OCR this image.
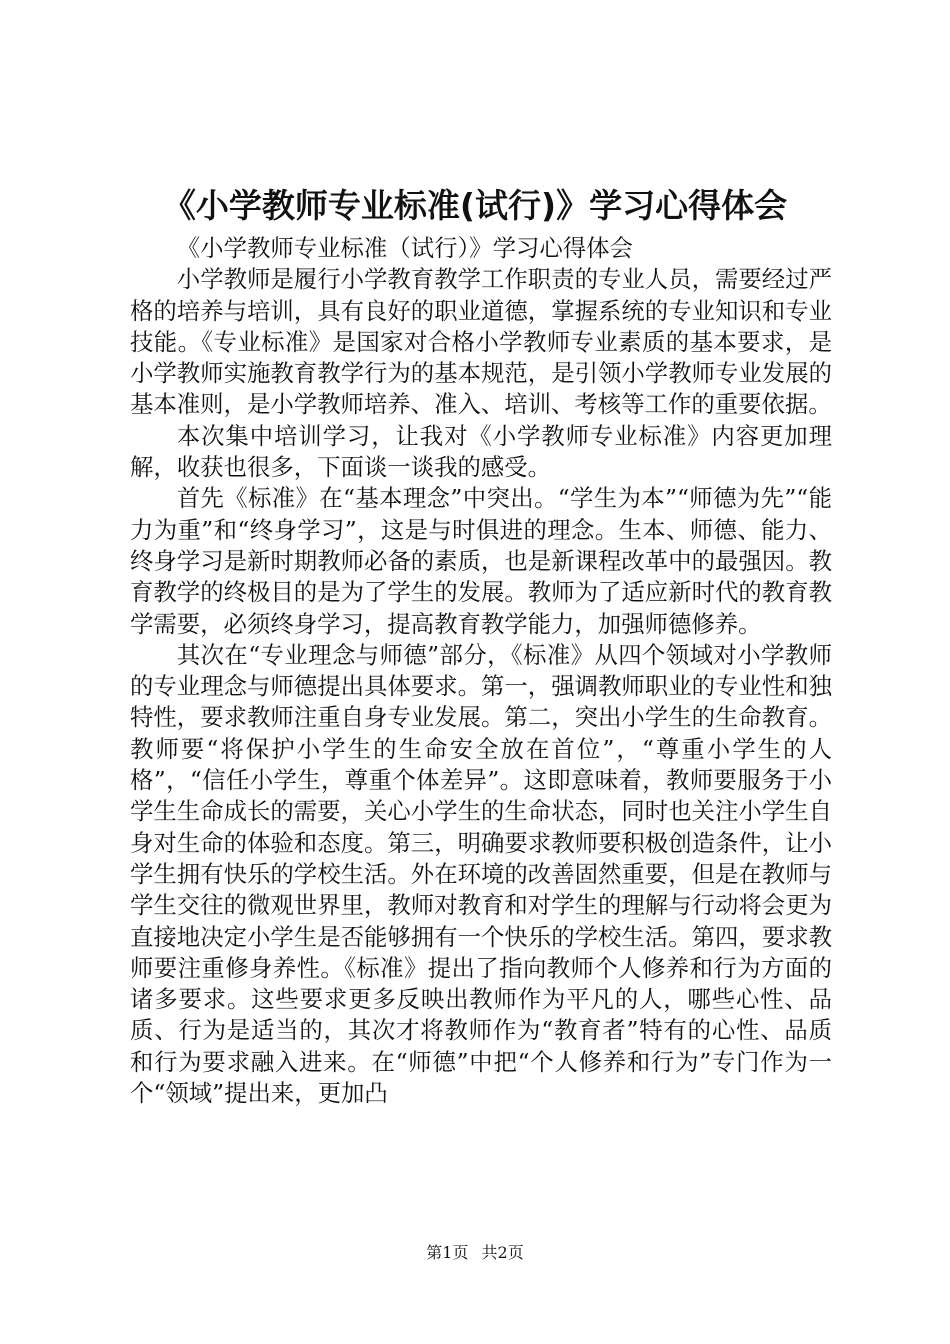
《小学教师专业标准(试行)》学习心得体会

《小学教师专业标准（试行）》学习心得体会

小学教师是履行小学教育教学工作职责的专业人员，需要经过严格的培养与培训，具有良好的职业道德，掌握系统的专业知识和专业技能。《专业标准》是国家对合格小学教师专业素质的基本要求，是小学教师实施教育教学行为的基本规范，是引领小学教师专业发展的基本准则，是小学教师培养、准入、培训、考核等工作的重要依据。

本次集中培训学习，让我对《小学教师专业标准》内容更加理解，收获也很多，下面谈一谈我的感受。

首先《标准》在“基本理念”中突出。“学生为本”“师德为先”“能力为重”和“终身学习”，这是与时俱进的理念。生本、师德、能力、终身学习是新时期教师必备的素质，也是新课程改革中的最强因。教育教学的终极目的是为了学生的发展。教师为了适应新时代的教育教学需要，必须终身学习，提高教育教学能力，加强师德修养。

其次在“专业理念与师德”部分，《标准》从四个领域对小学教师的专业理念与师德提出具体要求。第一，强调教师职业的专业性和独特性，要求教师注重自身专业发展。第二，突出小学生的生命教育。教师要“将保护小学生的生命安全放在首位”，“尊重小学生的人格”，“信任小学生，尊重个体差异”。这即意味着，教师要服务于小学生生命成长的需要，关心小学生的生命状态，同时也关注小学生自身对生命的体验和态度。第三，明确要求教师要积极创造条件，让小学生拥有快乐的学校生活。外在环境的改善固然重要，但是在教师与学生交往的微观世界里，教师对教育和对学生的理解与行动将会更为直接地决定小学生是否能够拥有一个快乐的学校生活。第四，要求教师要注重修身养性。《标准》提出了指向教师个人修养和行为方面的诸多要求。这些要求更多反映出教师作为平凡的人，哪些心性、品质、行为是适当的，其次才将教师作为“教育者”特有的心性、品质和行为要求融入进来。在“师德”中把“个人修养和行为”专门作为一个“领域”提出来，更加凸

第1页 共2页
